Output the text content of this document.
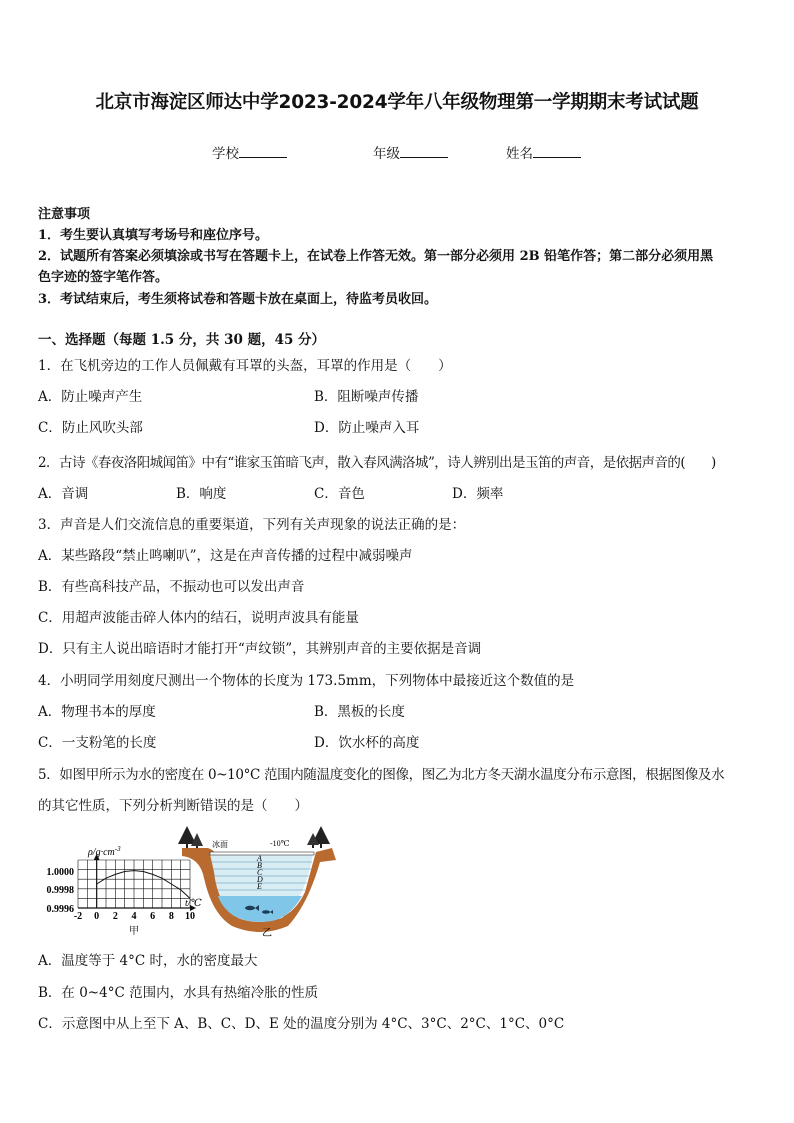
北京市海淀区师达中学2023-2024学年八年级物理第一学期期末考试试题
学校	年级	姓名
注意事项
1．考生要认真填写考场号和座位序号。
2．试题所有答案必须填涂或书写在答题卡上，在试卷上作答无效。第一部分必须用 2B 铅笔作答；第二部分必须用黑
色字迹的签字笔作答。
3．考试结束后，考生须将试卷和答题卡放在桌面上，待监考员收回。
一、选择题（每题 1.5 分，共 30 题，45 分）
1．在飞机旁边的工作人员佩戴有耳罩的头盔，耳罩的作用是（　　）
A．防止噪声产生	B．阻断噪声传播
C．防止风吹头部	D．防止噪声入耳
2．古诗《春夜洛阳城闻笛》中有“谁家玉笛暗飞声，散入春风满洛城”，诗人辨别出是玉笛的声音，是依据声音的(　　)
A．音调	B．响度	C．音色	D．频率
3．声音是人们交流信息的重要渠道，下列有关声现象的说法正确的是：
A．某些路段“禁止鸣喇叭”，这是在声音传播的过程中减弱噪声
B．有些高科技产品，不振动也可以发出声音
C．用超声波能击碎人体内的结石，说明声波具有能量
D．只有主人说出暗语时才能打开“声纹锁”，其辨别声音的主要依据是音调
4．小明同学用刻度尺测出一个物体的长度为 173.5mm，下列物体中最接近这个数值的是
A．物理书本的厚度	B．黑板的长度
C．一支粉笔的长度	D．饮水杯的高度
5．如图甲所示为水的密度在 0~10°C 范围内随温度变化的图像，图乙为北方冬天湖水温度分布示意图，根据图像及水
的其它性质，下列分析判断错误的是（　　）
$\rho/g\cdot cm^{-3}$
1.0000
0.9998
0.9996
-2 0 2 4 6 8 10
t/℃
甲
冰面	-10℃
A
B
C
D
E
乙
A．温度等于 4°C 时，水的密度最大
B．在 0~4°C 范围内，水具有热缩冷胀的性质
C．示意图中从上至下 A、B、C、D、E 处的温度分别为 4°C、3°C、2°C、1°C、0°C
